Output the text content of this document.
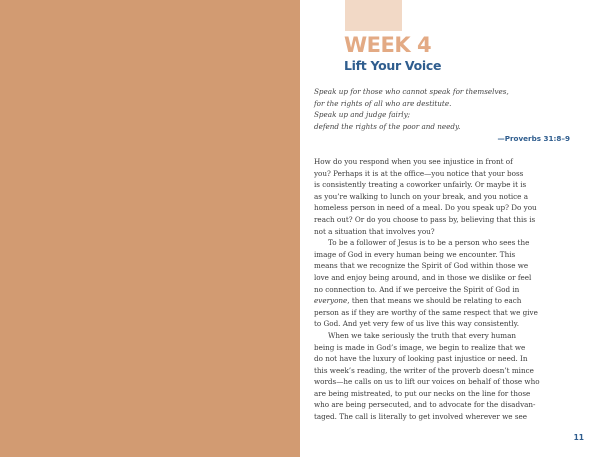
WEEK 4
Lift Your Voice
Speak up for those who cannot speak for themselves,
for the rights of all who are destitute.
Speak up and judge fairly;
defend the rights of the poor and needy.
—Proverbs 31:8–9

How do you respond when you see injustice in front of
you? Perhaps it is at the office—you notice that your boss
is consistently treating a coworker unfairly. Or maybe it is
as you’re walking to lunch on your break, and you notice a
homeless person in need of a meal. Do you speak up? Do you
reach out? Or do you choose to pass by, believing that this is
not a situation that involves you?

To be a follower of Jesus is to be a person who sees the
image of God in every human being we encounter. This
means that we recognize the Spirit of God within those we
love and enjoy being around, and in those we dislike or feel
no connection to. And if we perceive the Spirit of God in
everyone, then that means we should be relating to each
person as if they are worthy of the same respect that we give
to God. And yet very few of us live this way consistently.

When we take seriously the truth that every human
being is made in God’s image, we begin to realize that we
do not have the luxury of looking past injustice or need. In
this week’s reading, the writer of the proverb doesn’t mince
words—he calls on us to lift our voices on behalf of those who
are being mistreated, to put our necks on the line for those
who are being persecuted, and to advocate for the disadvan-
taged. The call is literally to get involved wherever we see

11
